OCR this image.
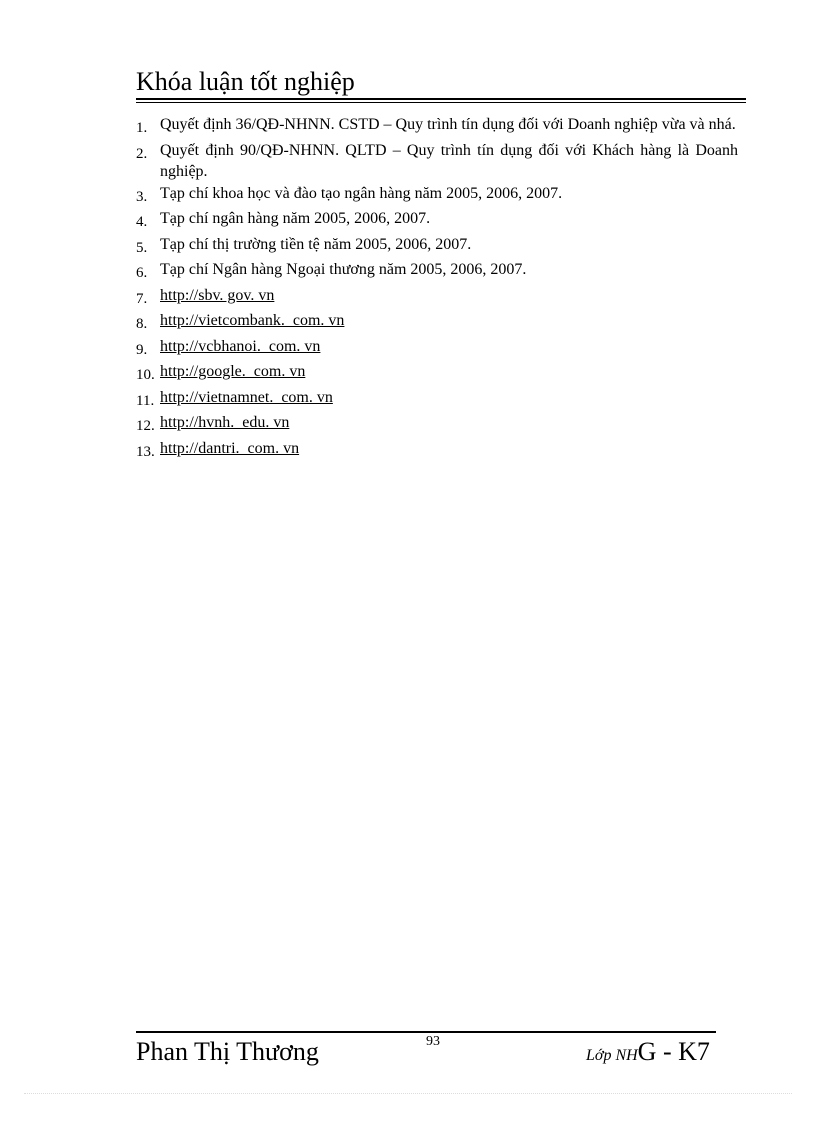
Khóa luận tốt nghiệp
1. Quyết định 36/QĐ-NHNN. CSTD – Quy trình tín dụng đối với Doanh nghiệp vừa và nhá.
2. Quyết định 90/QĐ-NHNN. QLTD – Quy trình tín dụng đối với Khách hàng là Doanh nghiệp.
3. Tạp chí khoa học và đào tạo ngân hàng năm 2005, 2006, 2007.
4. Tạp chí ngân hàng năm 2005, 2006, 2007.
5. Tạp chí thị trường tiền tệ năm 2005, 2006, 2007.
6. Tạp chí Ngân hàng Ngoại thương năm 2005, 2006, 2007.
7. http://sbv. gov. vn
8. http://vietcombank.  com. vn
9. http://vcbhanoi.  com. vn
10. http://google.  com. vn
11. http://vietnamnet.  com. vn
12. http://hvnh.  edu. vn
13. http://dantri.  com. vn
Phan Thị Thương	93
Lớp NHG - K7
